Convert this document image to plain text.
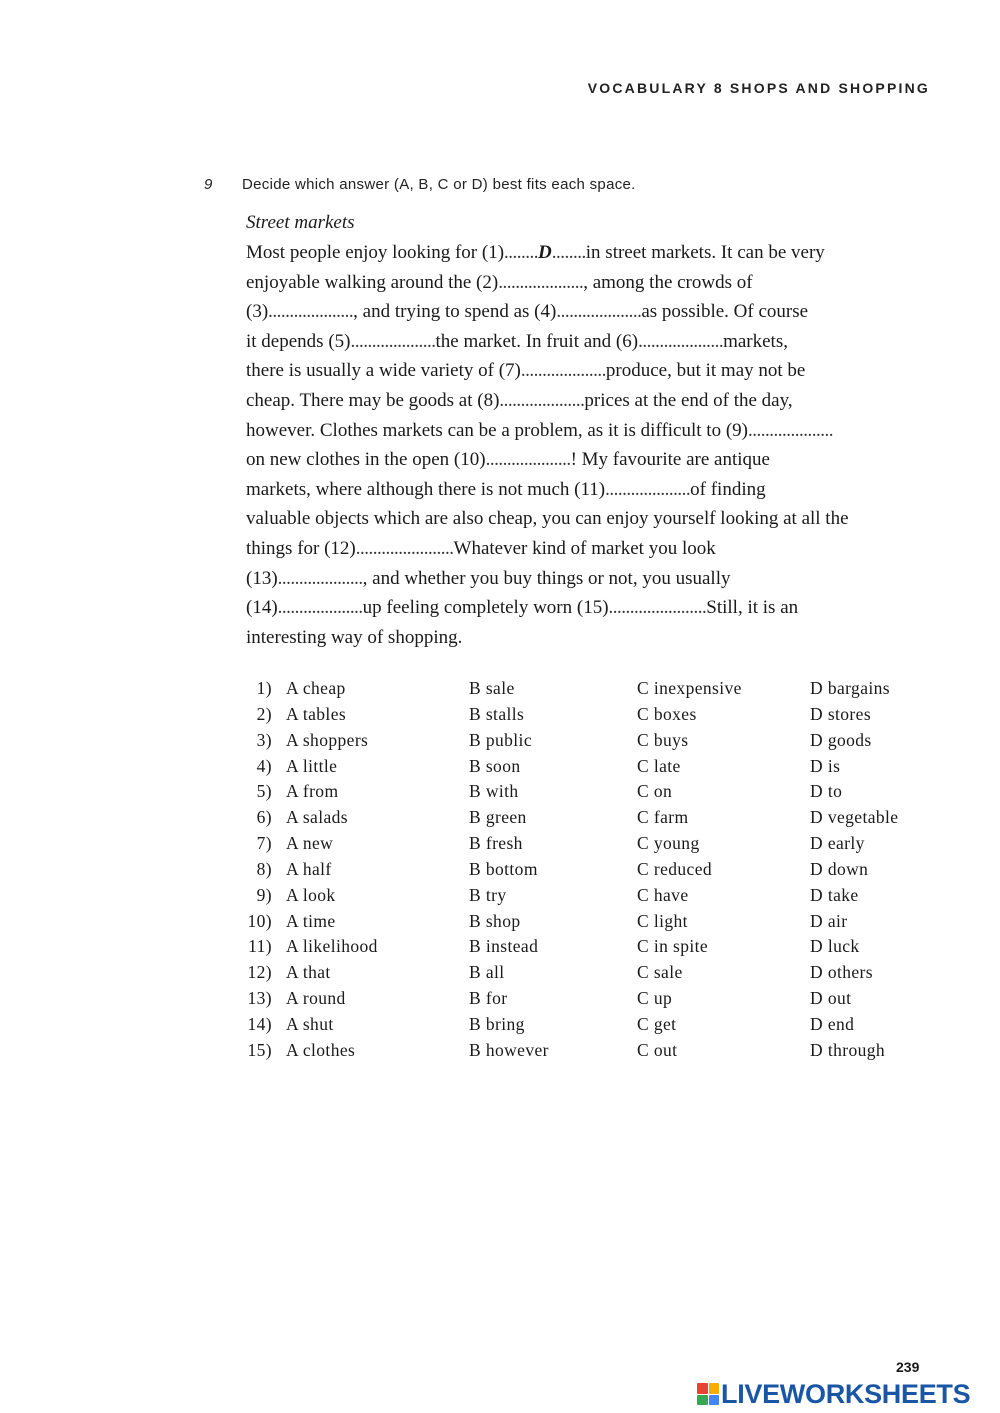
VOCABULARY 8 SHOPS AND SHOPPING
9 Decide which answer (A, B, C or D) best fits each space.
Street markets
Most people enjoy looking for (1)........D........in street markets. It can be very
enjoyable walking around the (2)...................., among the crowds of
(3)...................., and trying to spend as (4)....................as possible. Of course
it depends (5)....................the market. In fruit and (6)....................markets,
there is usually a wide variety of (7)....................produce, but it may not be
cheap. There may be goods at (8)....................prices at the end of the day,
however. Clothes markets can be a problem, as it is difficult to (9)....................
on new clothes in the open (10)....................! My favourite are antique
markets, where although there is not much (11)....................of finding
valuable objects which are also cheap, you can enjoy yourself looking at all the
things for (12).......................Whatever kind of market you look
(13)...................., and whether you buy things or not, you usually
(14)....................up feeling completely worn (15).......................Still, it is an
interesting way of shopping.
1) A cheap	B sale	C inexpensive	D bargains
2) A tables	B stalls	C boxes	D stores
3) A shoppers	B public	C buys	D goods
4) A little	B soon	C late	D is
5) A from	B with	C on	D to
6) A salads	B green	C farm	D vegetable
7) A new	B fresh	C young	D early
8) A half	B bottom	C reduced	D down
9) A look	B try	C have	D take
10) A time	B shop	C light	D air
11) A likelihood	B instead	C in spite	D luck
12) A that	B all	C sale	D others
13) A round	B for	C up	D out
14) A shut	B bring	C get	D end
15) A clothes	B however	C out	D through
239
LIVEWORKSHEETS
